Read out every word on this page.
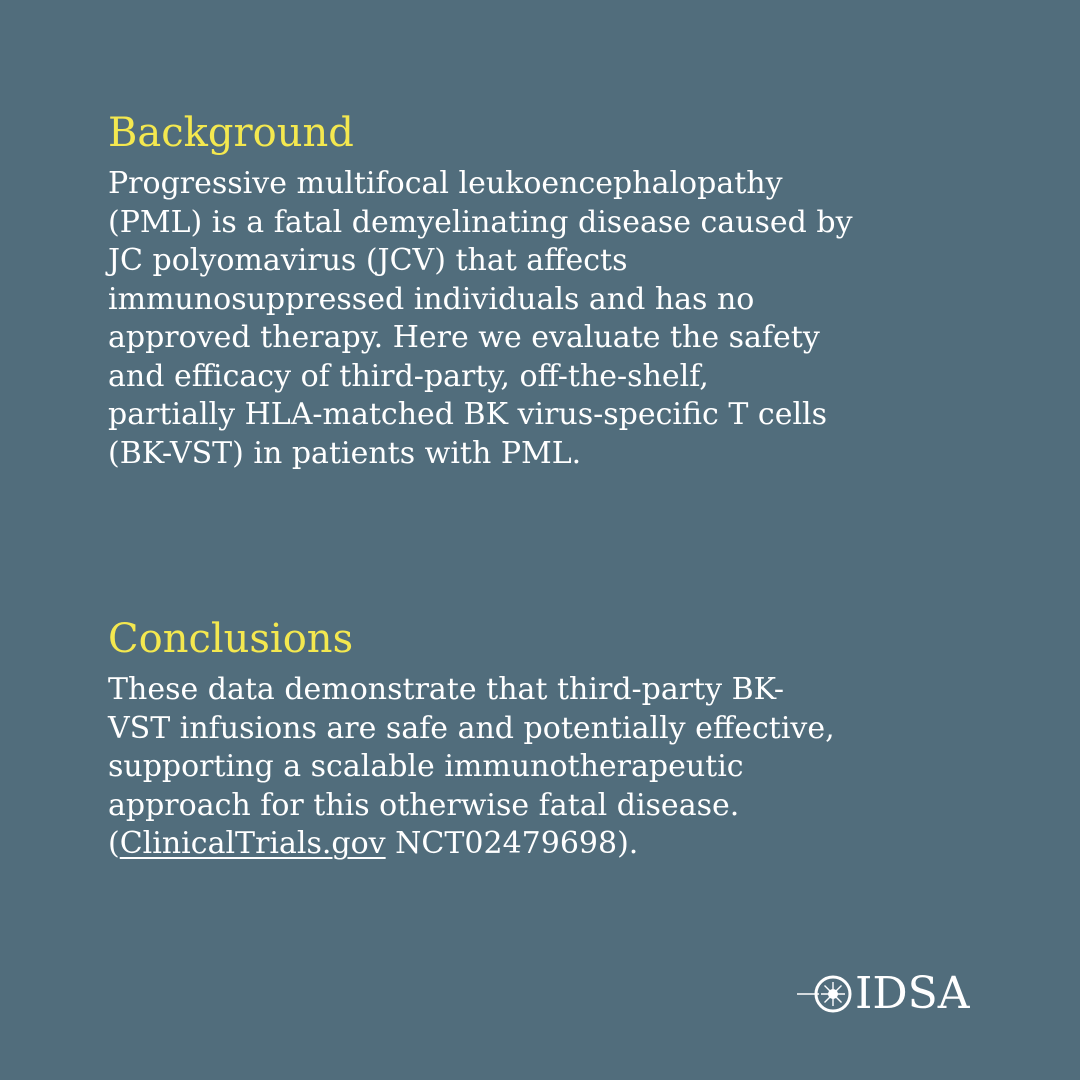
Background

Progressive multifocal leukoencephalopathy

(PML) is a fatal demyelinating disease caused by

JC polyomavirus (JCV) that affects

immunosuppressed individuals and has no

approved therapy. Here we evaluate the safety

and efficacy of third-party, off-the-shelf,

partially HLA-matched BK virus-specific T cells

(BK-VST) in patients with PML.

Conclusions

These data demonstrate that third-party BK-

VST infusions are safe and potentially effective,

supporting a scalable immunotherapeutic

approach for this otherwise fatal disease.

(ClinicalTrials.gov NCT02479698).

IDSA
